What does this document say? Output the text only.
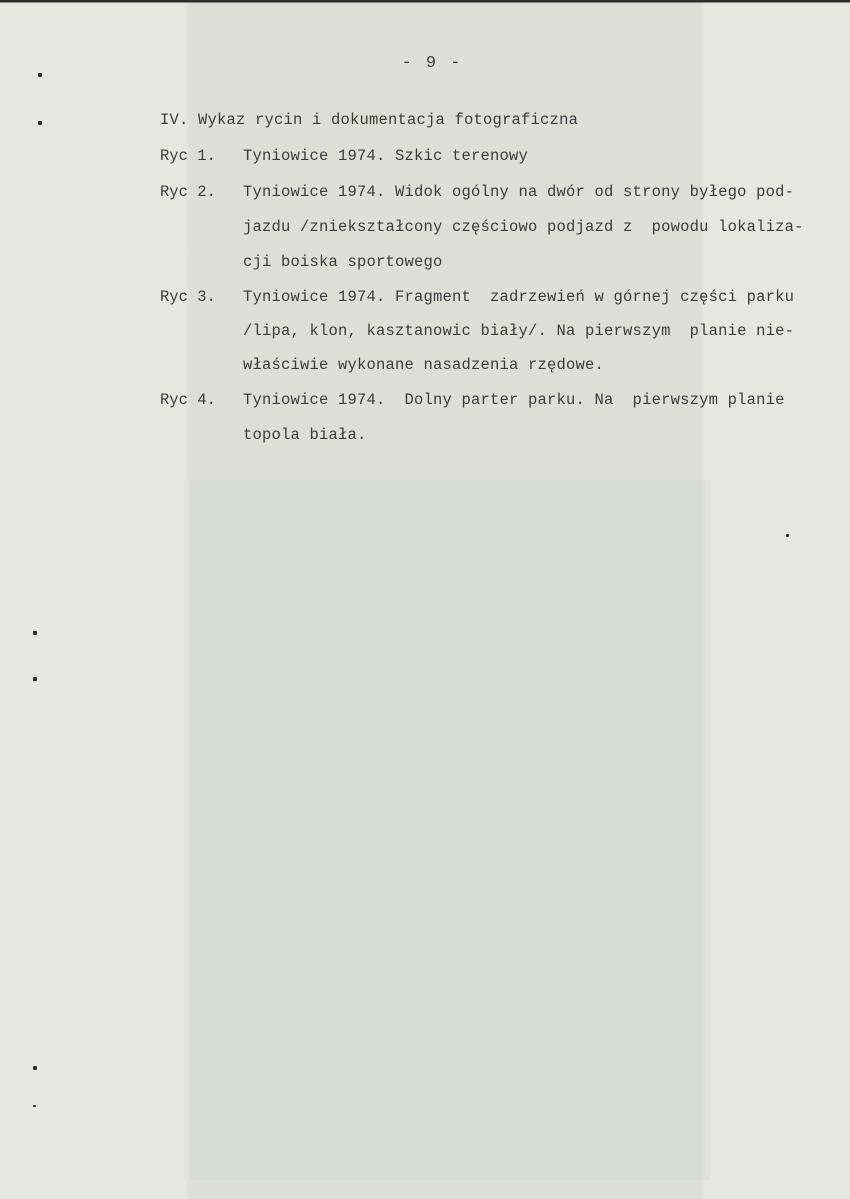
- 9 -
IV. Wykaz rycin i dokumentacja fotograficzna
Ryc 1. Tyniowice 1974. Szkic terenowy
Ryc 2. Tyniowice 1974. Widok ogólny na dwór od strony byłego pod-
jazdu /zniekształcony częściowo podjazd z  powodu lokaliza-
cji boiska sportowego
Ryc 3. Tyniowice 1974. Fragment  zadrzewień w górnej części parku
/lipa, klon, kasztanowic biały/. Na pierwszym  planie nie-
właściwie wykonane nasadzenia rzędowe.
Ryc 4. Tyniowice 1974.  Dolny parter parku. Na  pierwszym planie
topola biała.
